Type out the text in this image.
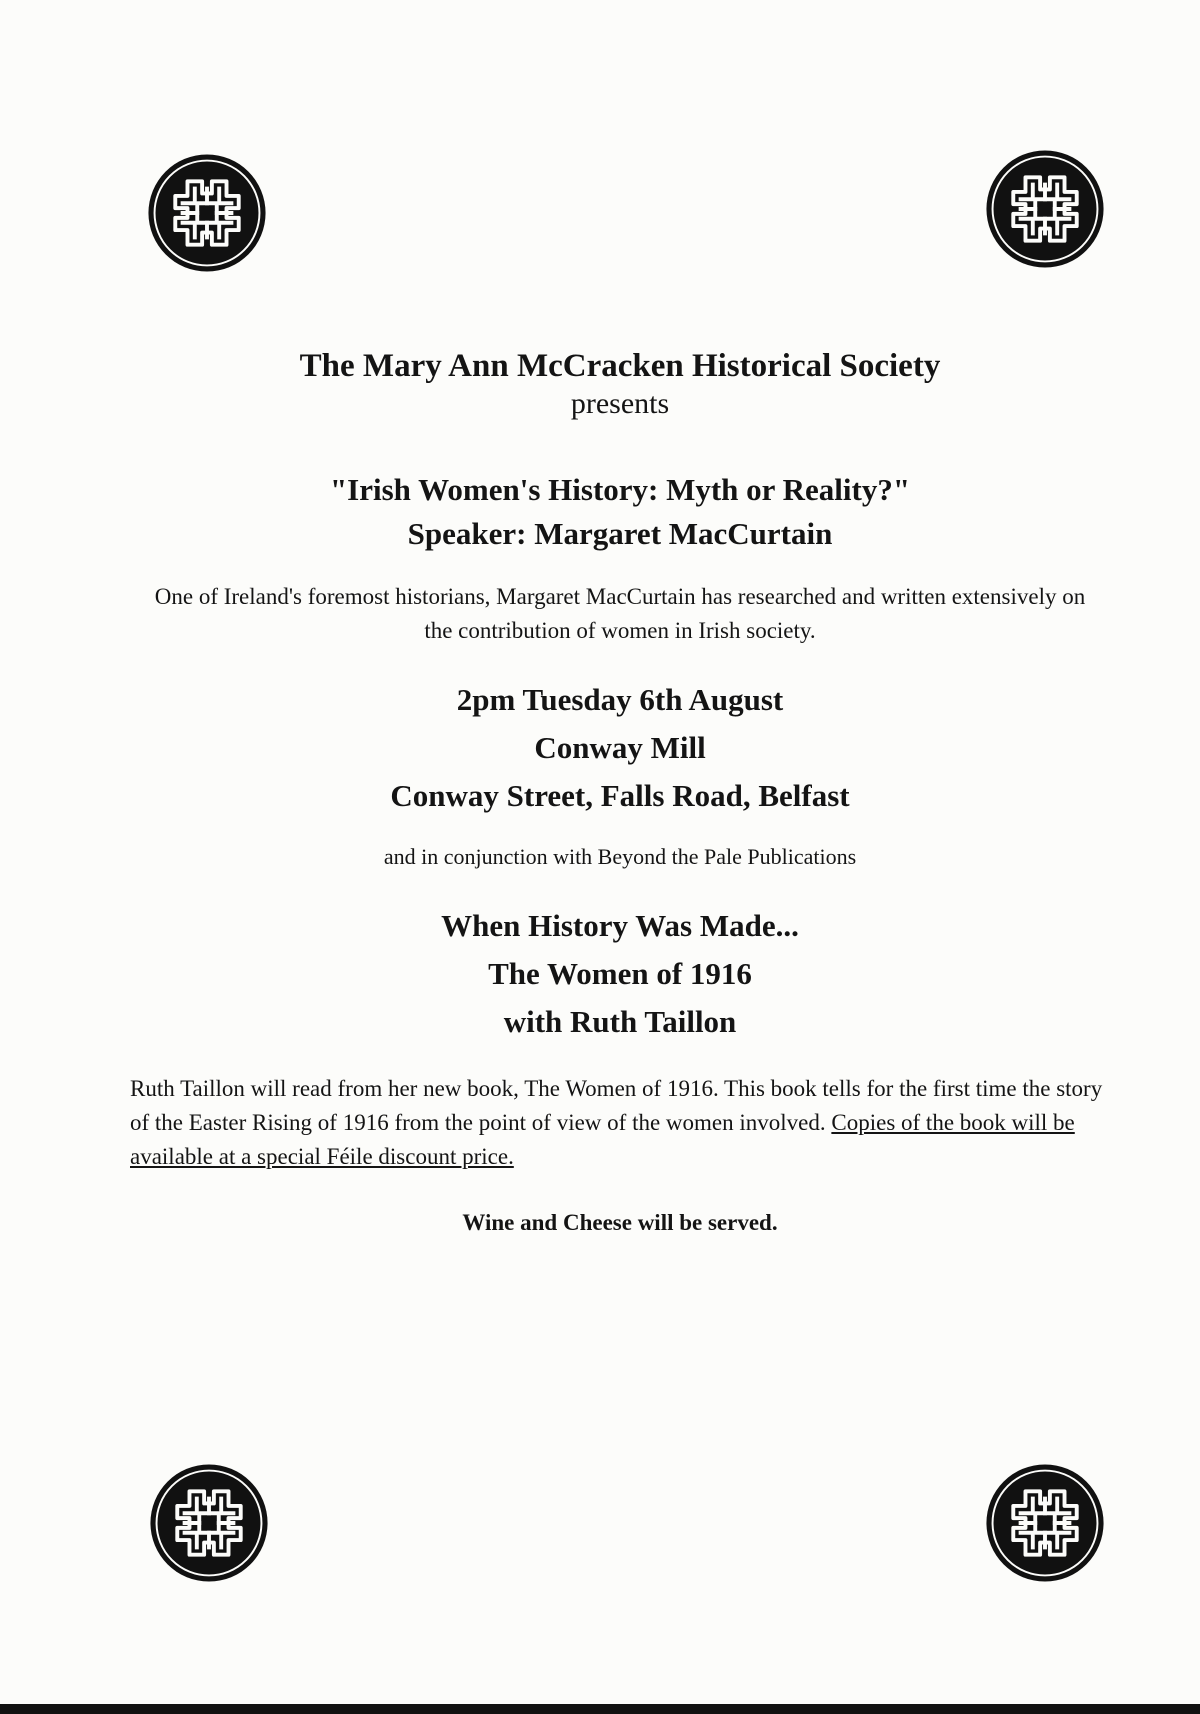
The Mary Ann McCracken Historical Society

presents

"Irish Women's History: Myth or Reality?"
Speaker: Margaret MacCurtain
One of Ireland's foremost historians, Margaret MacCurtain has researched and written extensively on the contribution of women in Irish society.
2pm Tuesday 6th August
Conway Mill
Conway Street, Falls Road, Belfast
and in conjunction with Beyond the Pale Publications
When History Was Made...
The Women of 1916
with Ruth Taillon
Ruth Taillon will read from her new book, The Women of 1916. This book tells for the first time the story of the Easter Rising of 1916 from the point of view of the women involved. Copies of the book will be available at a special Féile discount price.
Wine and Cheese will be served.
